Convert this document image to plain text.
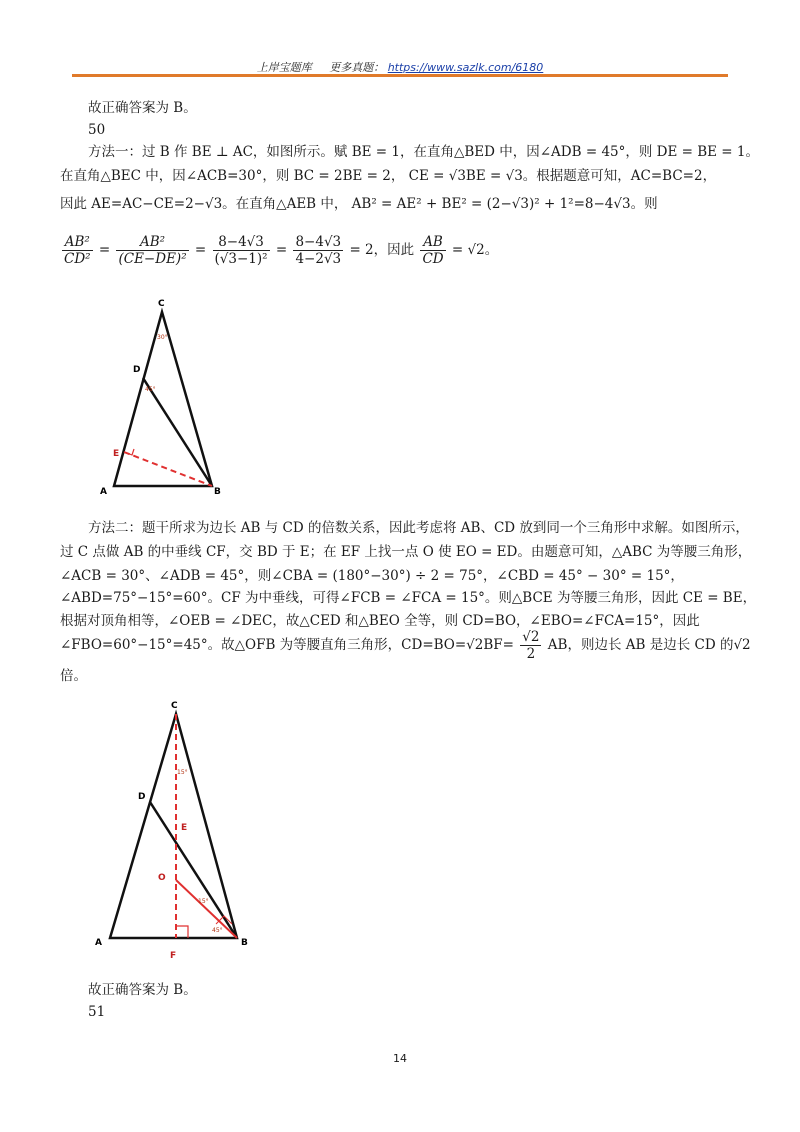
上岸宝题库 更多真题： https://www.sazlk.com/6180
故正确答案为 B。
50
方法一：过 B 作 BE ⊥ AC，如图所示。赋 BE = 1，在直角△BED 中，因∠ADB = 45°，则 DE = BE = 1。
在直角△BEC 中，因∠ACB=30°，则 BC = 2BE = 2， CE = √3BE = √3。根据题意可知，AC=BC=2，
因此 AE=AC−CE=2−√3。在直角△AEB 中， AB² = AE² + BE² = (2−√3)² + 1²=8−4√3。则
$\frac{\text{AB²}}{\text{CD²}} = \frac{\text{AB²}}{\text{(CE−DE)²}} = \frac{8-4√3}{\text{(√3−1)²}} = \frac{8-4√3}{4-2√3} = 2$，因此 $\frac{AB}{CD} = √2$。
C
D
E
A	B
30°
45°
方法二：题干所求为边长 AB 与 CD 的倍数关系，因此考虑将 AB、CD 放到同一个三角形中求解。如图所示，
过 C 点做 AB 的中垂线 CF，交 BD 于 E；在 EF 上找一点 O 使 EO = ED。由题意可知，△ABC 为等腰三角形，
∠ACB = 30°、∠ADB = 45°，则∠CBA = (180°−30°) ÷ 2 = 75°，∠CBD = 45° − 30° = 15°，
∠ABD=75°−15°=60°。CF 为中垂线，可得∠FCB = ∠FCA = 15°。则△BCE 为等腰三角形，因此 CE = BE，
根据对顶角相等，∠OEB = ∠DEC，故△CED 和△BEO 全等，则 CD=BO，∠EBO=∠FCA=15°，因此
∠FBO=60°−15°=45°。故△OFB 为等腰直角三角形，$CD=BO=√2BF= \frac{√2}{2}$ AB，则边长 AB 是边长 CD 的√2
倍。
C
D
E
O
A	B
F
15°
15°
45°
故正确答案为 B。
51
14
